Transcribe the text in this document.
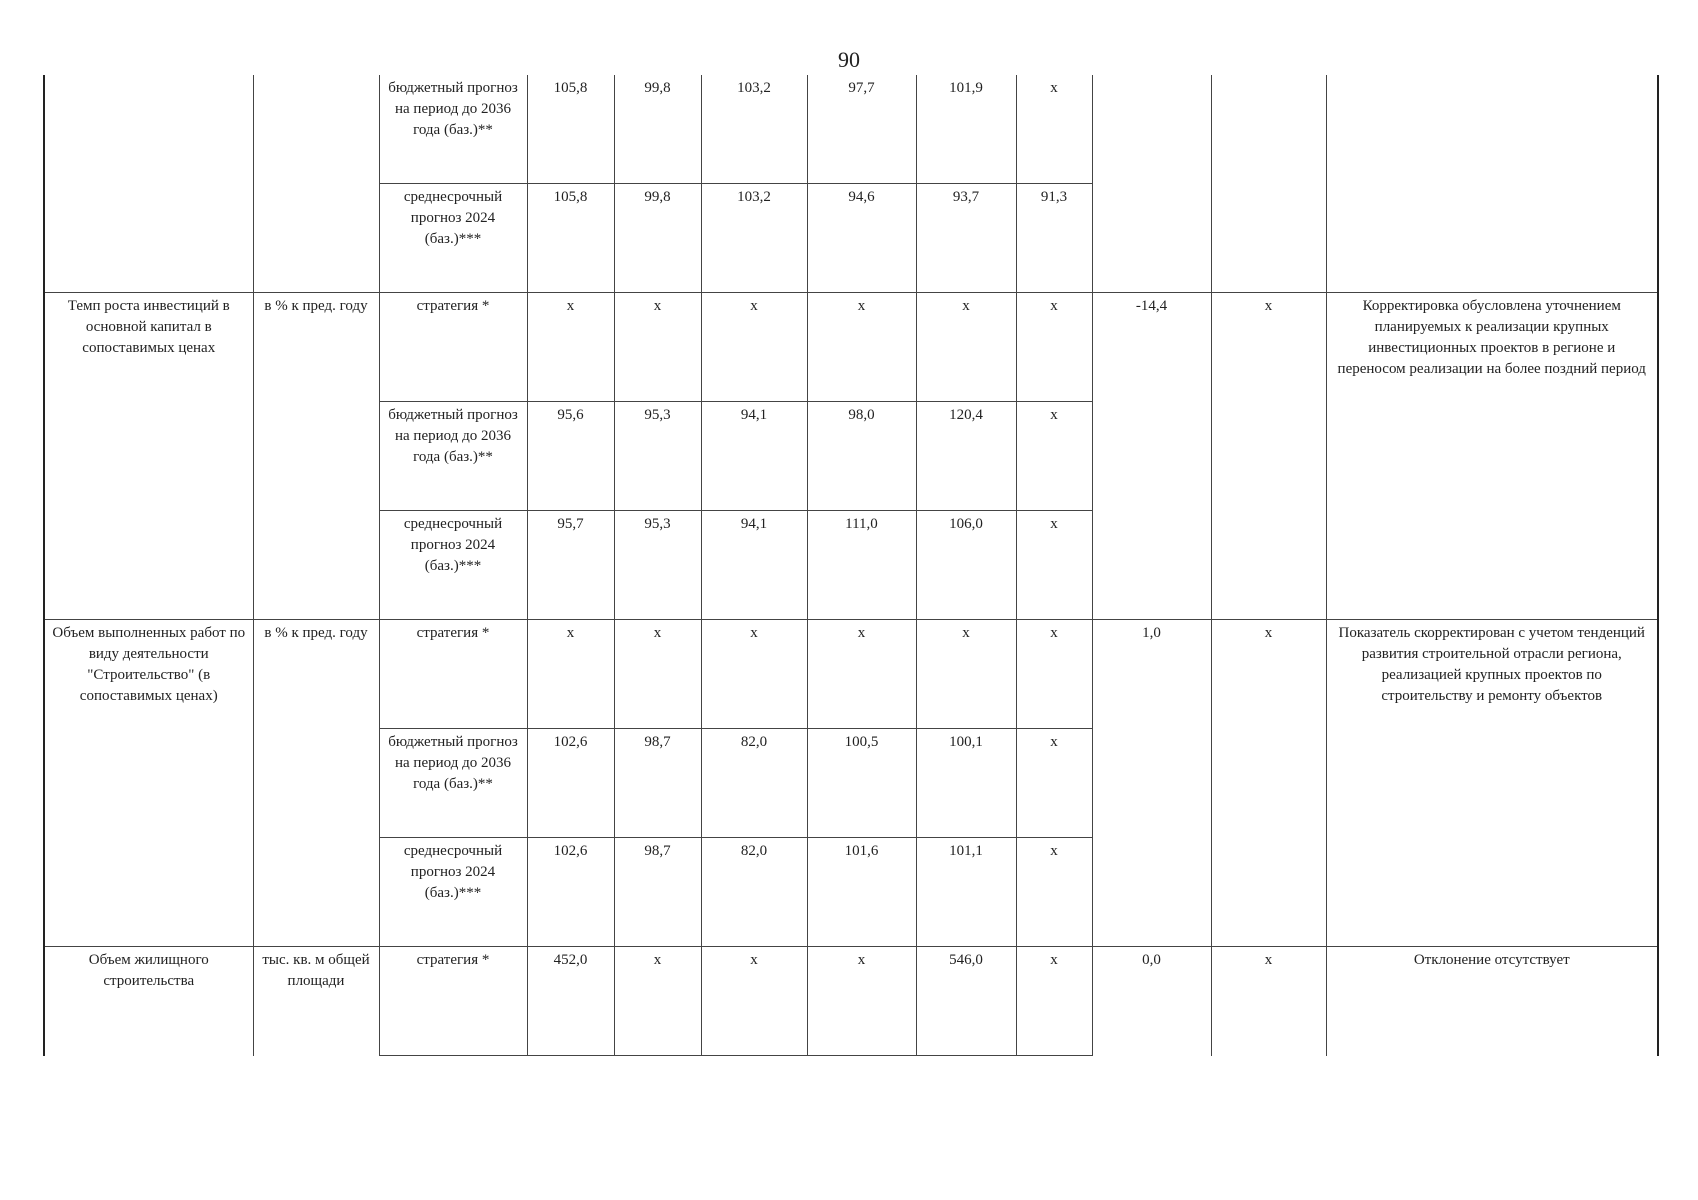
90
		бюджетный прогноз на период до 2036 года (баз.)**	105,8	99,8	103,2	97,7	101,9	х			
		среднесрочный прогноз 2024 (баз.)***	105,8	99,8	103,2	94,6	93,7	91,3			
Темп роста инвестиций в основной капитал в сопоставимых ценах	в % к пред. году	стратегия *	х	х	х	х	х	х	-14,4	х	Корректировка обусловлена уточнением планируемых к реализации крупных инвестиционных проектов в регионе и переносом реализации на более поздний период
		бюджетный прогноз на период до 2036 года (баз.)**	95,6	95,3	94,1	98,0	120,4	х			
		среднесрочный прогноз 2024 (баз.)***	95,7	95,3	94,1	111,0	106,0	х			
Объем выполненных работ по виду деятельности "Строительство" (в сопоставимых ценах)	в % к пред. году	стратегия *	х	х	х	х	х	х	1,0	х	Показатель скорректирован с учетом тенденций развития строительной отрасли региона, реализацией крупных проектов по строительству и ремонту объектов
		бюджетный прогноз на период до 2036 года (баз.)**	102,6	98,7	82,0	100,5	100,1	х			
		среднесрочный прогноз 2024 (баз.)***	102,6	98,7	82,0	101,6	101,1	х			
Объем жилищного строительства	тыс. кв. м общей площади	стратегия *	452,0	х	х	х	546,0	х	0,0	х	Отклонение отсутствует
